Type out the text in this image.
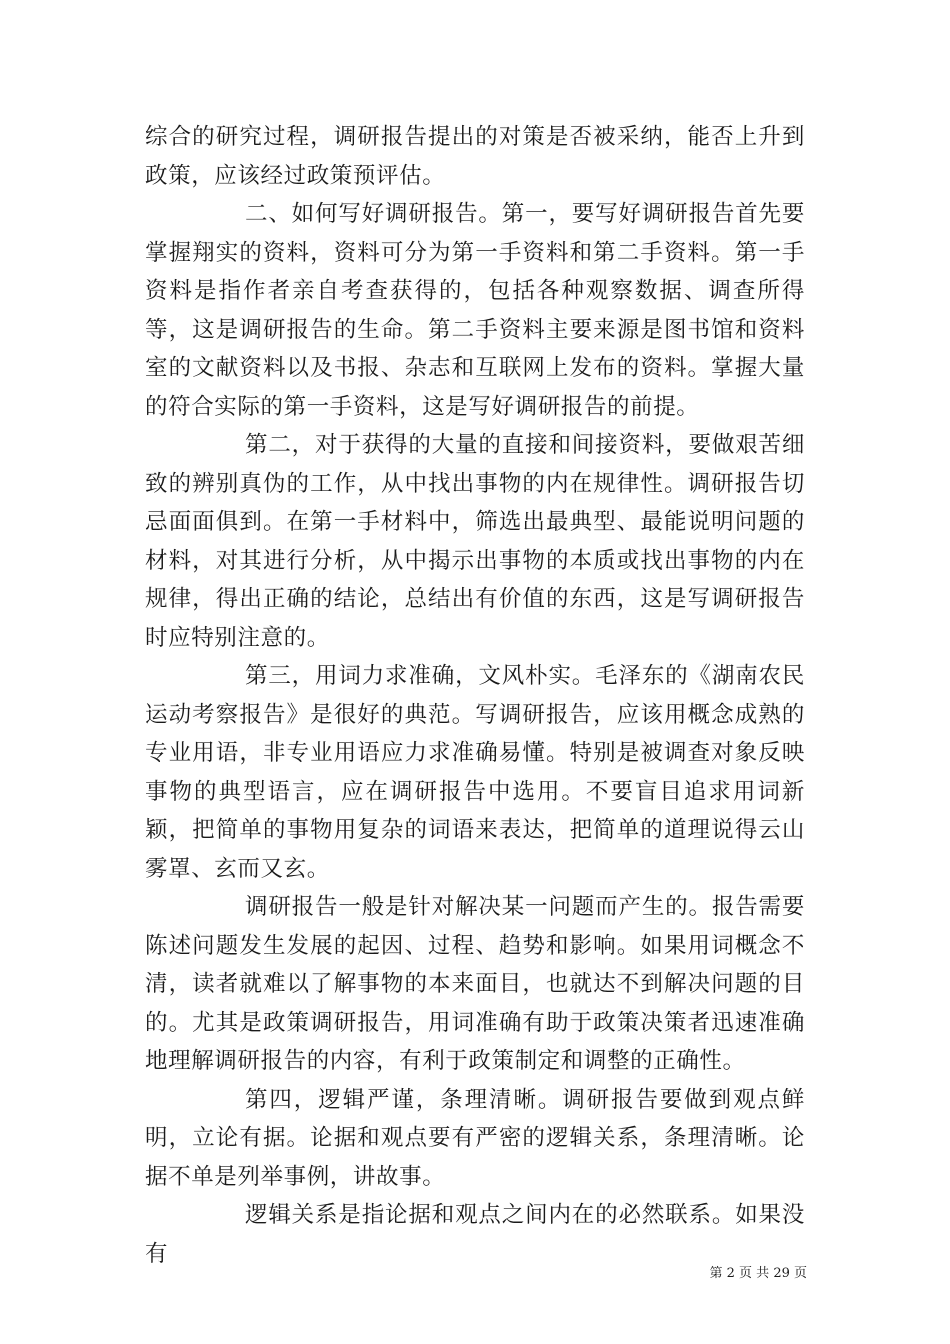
综合的研究过程，调研报告提出的对策是否被采纳，能否上升到政策，应该经过政策预评估。

二、如何写好调研报告。第一，要写好调研报告首先要掌握翔实的资料，资料可分为第一手资料和第二手资料。第一手资料是指作者亲自考查获得的，包括各种观察数据、调查所得等，这是调研报告的生命。第二手资料主要来源是图书馆和资料室的文献资料以及书报、杂志和互联网上发布的资料。掌握大量的符合实际的第一手资料，这是写好调研报告的前提。

第二，对于获得的大量的直接和间接资料，要做艰苦细致的辨别真伪的工作，从中找出事物的内在规律性。调研报告切忌面面俱到。在第一手材料中，筛选出最典型、最能说明问题的材料，对其进行分析，从中揭示出事物的本质或找出事物的内在规律，得出正确的结论，总结出有价值的东西，这是写调研报告时应特别注意的。

第三，用词力求准确，文风朴实。毛泽东的《湖南农民运动考察报告》是很好的典范。写调研报告，应该用概念成熟的专业用语，非专业用语应力求准确易懂。特别是被调查对象反映事物的典型语言，应在调研报告中选用。不要盲目追求用词新颖，把简单的事物用复杂的词语来表达，把简单的道理说得云山雾罩、玄而又玄。

调研报告一般是针对解决某一问题而产生的。报告需要陈述问题发生发展的起因、过程、趋势和影响。如果用词概念不清，读者就难以了解事物的本来面目，也就达不到解决问题的目的。尤其是政策调研报告，用词准确有助于政策决策者迅速准确地理解调研报告的内容，有利于政策制定和调整的正确性。

第四，逻辑严谨，条理清晰。调研报告要做到观点鲜明，立论有据。论据和观点要有严密的逻辑关系，条理清晰。论据不单是列举事例，讲故事。

逻辑关系是指论据和观点之间内在的必然联系。如果没有

第 2 页 共 29 页
